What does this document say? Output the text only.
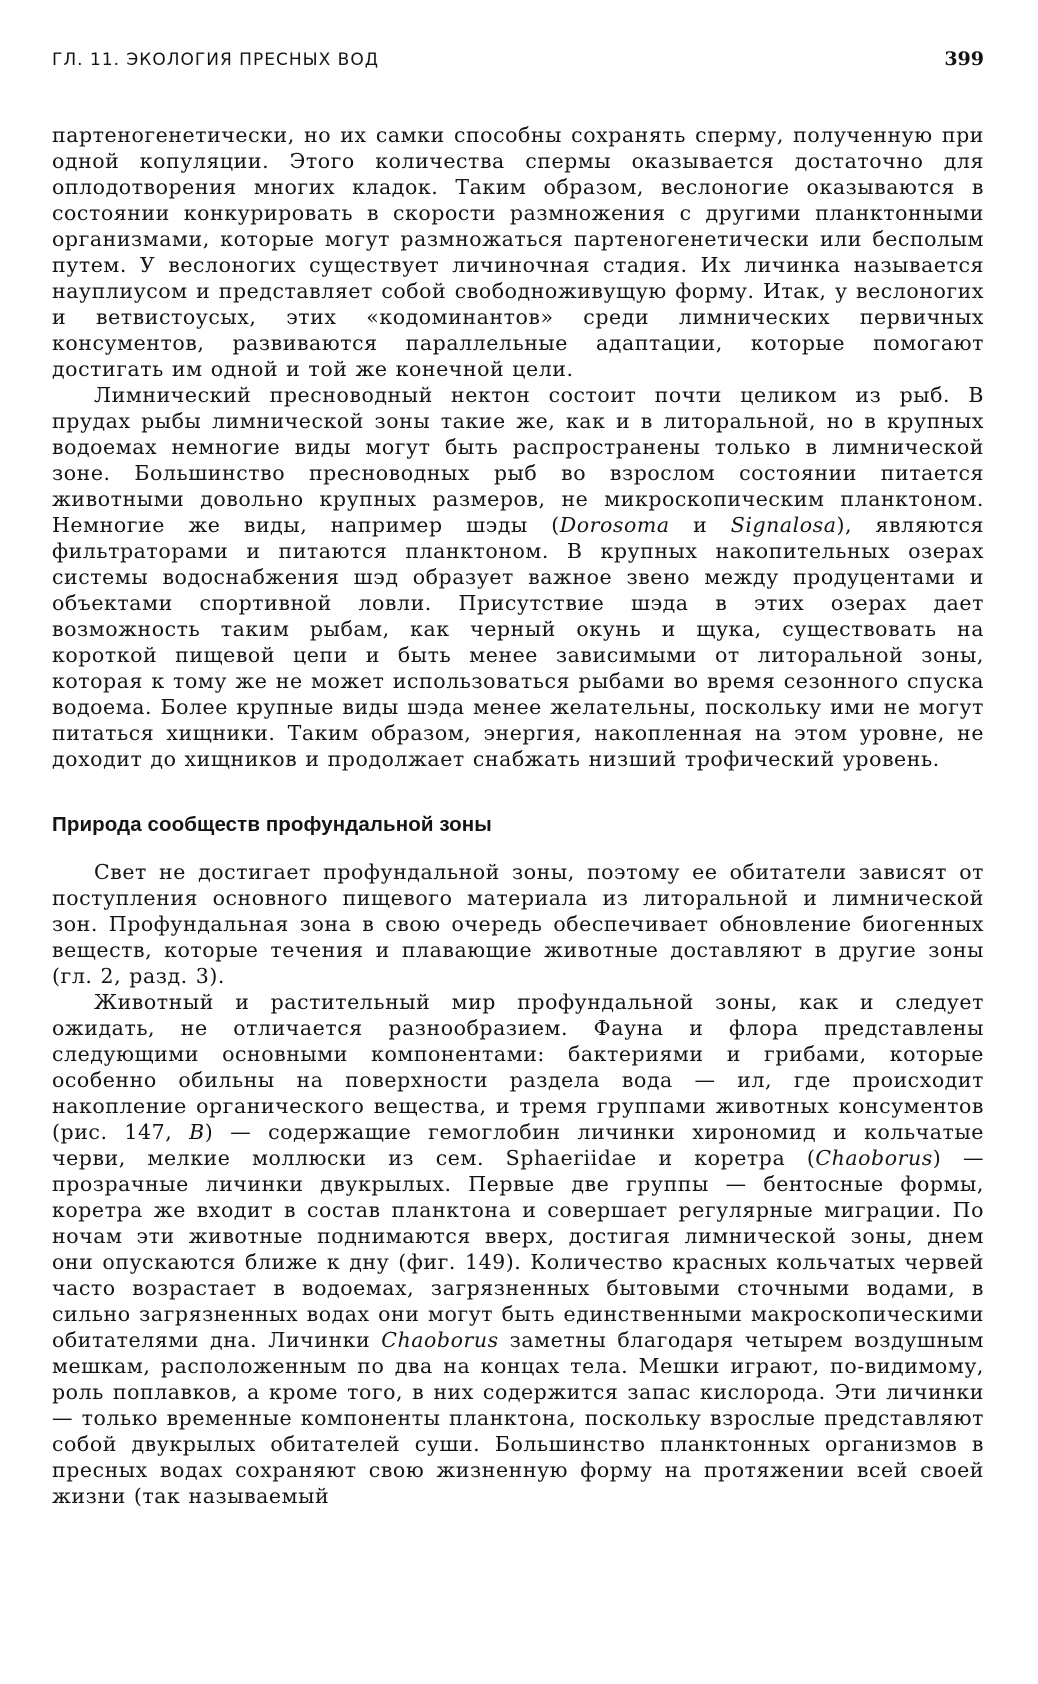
ГЛ. 11. ЭКОЛОГИЯ ПРЕСНЫХ ВОД	399

партеногенетически, но их самки способны сохранять сперму, полученную при одной копуляции. Этого количества спермы оказывается достаточно для оплодотворения многих кладок. Таким образом, веслоногие оказываются в состоянии конкурировать в скорости размножения с другими планктонными организмами, которые могут размножаться партеногенетически или бесполым путем. У веслоногих существует личиночная стадия. Их личинка называется науплиусом и представляет собой свободноживущую форму. Итак, у веслоногих и ветвистоусых, этих «кодоминантов» среди лимнических первичных консументов, развиваются параллельные адаптации, которые помогают достигать им одной и той же конечной цели.

Лимнический пресноводный нектон состоит почти целиком из рыб. В прудах рыбы лимнической зоны такие же, как и в литоральной, но в крупных водоемах немногие виды могут быть распространены только в лимнической зоне. Большинство пресноводных рыб во взрослом состоянии питается животными довольно крупных размеров, не микроскопическим планктоном. Немногие же виды, например шэды (Dorosoma и Signalosa), являются фильтраторами и питаются планктоном. В крупных накопительных озерах системы водоснабжения шэд образует важное звено между продуцентами и объектами спортивной ловли. Присутствие шэда в этих озерах дает возможность таким рыбам, как черный окунь и щука, существовать на короткой пищевой цепи и быть менее зависимыми от литоральной зоны, которая к тому же не может использоваться рыбами во время сезонного спуска водоема. Более крупные виды шэда менее желательны, поскольку ими не могут питаться хищники. Таким образом, энергия, накопленная на этом уровне, не доходит до хищников и продолжает снабжать низший трофический уровень.

Природа сообществ профундальной зоны

Свет не достигает профундальной зоны, поэтому ее обитатели зависят от поступления основного пищевого материала из литоральной и лимнической зон. Профундальная зона в свою очередь обеспечивает обновление биогенных веществ, которые течения и плавающие животные доставляют в другие зоны (гл. 2, разд. 3).

Животный и растительный мир профундальной зоны, как и следует ожидать, не отличается разнообразием. Фауна и флора представлены следующими основными компонентами: бактериями и грибами, которые особенно обильны на поверхности раздела вода — ил, где происходит накопление органического вещества, и тремя группами животных консументов (рис. 147, В) — содержащие гемоглобин личинки хирономид и кольчатые черви, мелкие моллюски из сем. Sphaeriidae и коретра (Chaoborus) — прозрачные личинки двукрылых. Первые две группы — бентосные формы, коретра же входит в состав планктона и совершает регулярные миграции. По ночам эти животные поднимаются вверх, достигая лимнической зоны, днем они опускаются ближе к дну (фиг. 149). Количество красных кольчатых червей часто возрастает в водоемах, загрязненных бытовыми сточными водами, в сильно загрязненных водах они могут быть единственными макроскопическими обитателями дна. Личинки Chaoborus заметны благодаря четырем воздушным мешкам, расположенным по два на концах тела. Мешки играют, по-видимому, роль поплавков, а кроме того, в них содержится запас кислорода. Эти личинки — только временные компоненты планктона, поскольку взрослые представляют собой двукрылых обитателей суши. Большинство планктонных организмов в пресных водах сохраняют свою жизненную форму на протяжении всей своей жизни (так называемый
